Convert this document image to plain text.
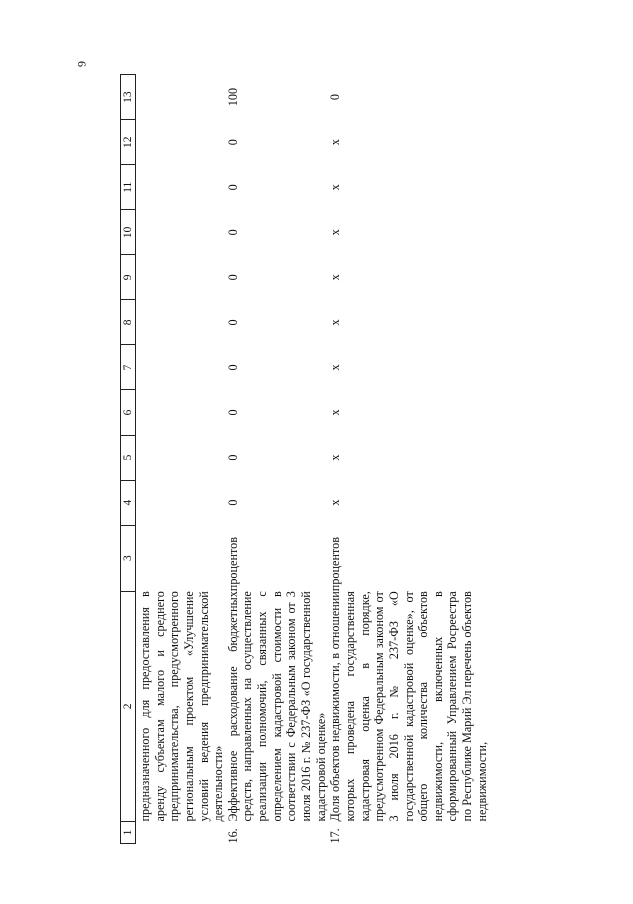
6
1	2	3	4	5	6	7	8	9	10	11	12	13
	предназначенного для предоставления в аренду субъектам малого и среднего предпринимательства, предусмотренного региональным проектом «Улучшение условий ведения предпринимательской деятельности»											
16.	Эффективное расходование бюджетных средств, направленных на осуществление реализации полномочий, связанных с определением кадастровой стоимости в соответствии с Федеральным законом от 3 июля 2016 г. № 237-ФЗ «О государственной кадастровой оценке»	процентов	0	0	0	0	0	0	0	0	0	100
17.	Доля объектов недвижимости, в отношении которых проведена государственная кадастровая оценка в порядке, предусмотренном Федеральным законом от 3 июля 2016 г. № 237-ФЗ «О государственной кадастровой оценке», от общего количества объектов недвижимости, включенных в сформированный Управлением Росреестра по Республике Марий Эл перечень объектов недвижимости,	процентов	x	x	x	x	x	x	x	x	x	0
